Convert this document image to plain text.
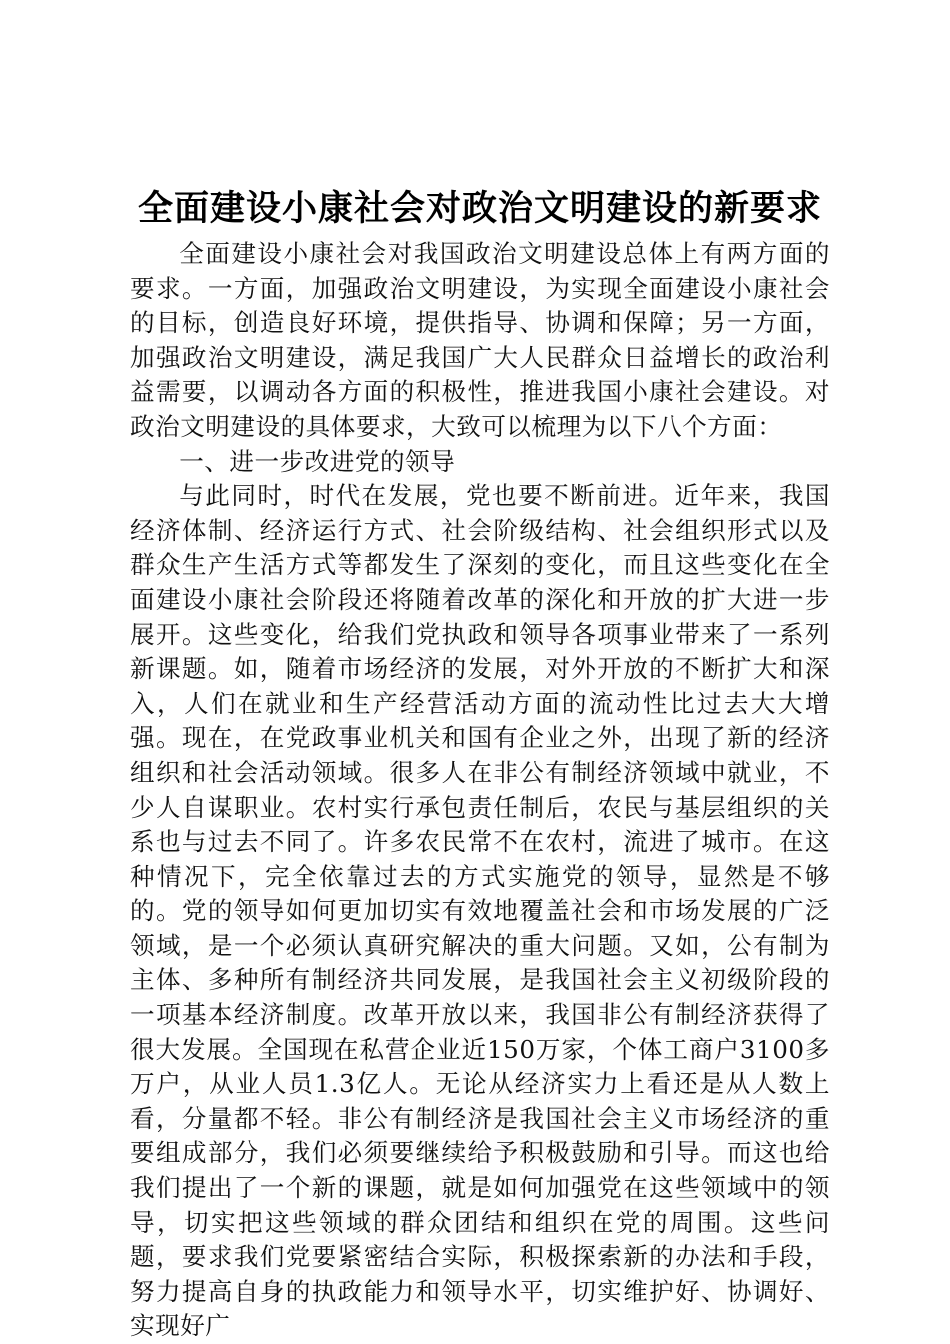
全面建设小康社会对政治文明建设的新要求

全面建设小康社会对我国政治文明建设总体上有两方面的要求。一方面，加强政治文明建设，为实现全面建设小康社会的目标，创造良好环境，提供指导、协调和保障；另一方面，加强政治文明建设，满足我国广大人民群众日益增长的政治利益需要，以调动各方面的积极性，推进我国小康社会建设。对政治文明建设的具体要求，大致可以梳理为以下八个方面：

一、进一步改进党的领导

与此同时，时代在发展，党也要不断前进。近年来，我国经济体制、经济运行方式、社会阶级结构、社会组织形式以及群众生产生活方式等都发生了深刻的变化，而且这些变化在全面建设小康社会阶段还将随着改革的深化和开放的扩大进一步展开。这些变化，给我们党执政和领导各项事业带来了一系列新课题。如，随着市场经济的发展，对外开放的不断扩大和深入，人们在就业和生产经营活动方面的流动性比过去大大增强。现在，在党政事业机关和国有企业之外，出现了新的经济组织和社会活动领域。很多人在非公有制经济领域中就业，不少人自谋职业。农村实行承包责任制后，农民与基层组织的关系也与过去不同了。许多农民常不在农村，流进了城市。在这种情况下，完全依靠过去的方式实施党的领导，显然是不够的。党的领导如何更加切实有效地覆盖社会和市场发展的广泛领域，是一个必须认真研究解决的重大问题。又如，公有制为主体、多种所有制经济共同发展，是我国社会主义初级阶段的一项基本经济制度。改革开放以来，我国非公有制经济获得了很大发展。全国现在私营企业近150万家，个体工商户3100多万户，从业人员1.3亿人。无论从经济实力上看还是从人数上看，分量都不轻。非公有制经济是我国社会主义市场经济的重要组成部分，我们必须要继续给予积极鼓励和引导。而这也给我们提出了一个新的课题，就是如何加强党在这些领域中的领导，切实把这些领域的群众团结和组织在党的周围。这些问题，要求我们党要紧密结合实际，积极探索新的办法和手段，努力提高自身的执政能力和领导水平，切实维护好、协调好、实现好广
